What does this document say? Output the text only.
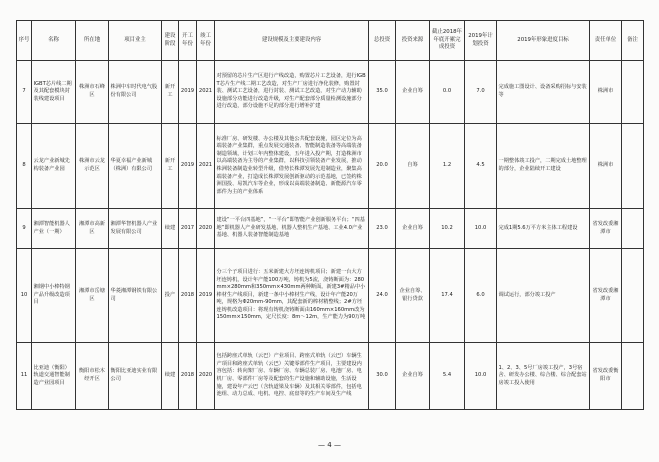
序号	名称	所在地	项目业主	建设阶段	开工年份	竣工年份	建设规模及主要建设内容	总投资	投资来源	截止2018年年底开累完成投资	2019年计划投资	2019年形象进度目标	责任单位	备注
7	IGBT芯片线二期及其配套模块封装线建设项目	株洲市石峰区	株洲中车时代电气股份有限公司	新开工	2019	2021	对预留的芯片生产区进行产线改造，购置芯片工艺设备，进行IGBT芯片生产线二期工艺改造，对生产厂房进行净化装修，购置封装、测试工艺设备，进行封装、测试工艺改造，对生产动力辅助设施部分功能进行改造升级，对生产配套部分质量检测设施部分进行改造，部分设施不足的部分进行增补扩建	35.0	企业自筹	0.0	7.0	完成施工图设计、设备采购招标与安装等	株洲市	
8	云龙产业新城先构装备产业园	株洲市云龙示范区	华夏幸福产业新城（株洲）有限公司	新开工	2019	2021	标准厂房、研发楼、办公楼及其他公共配套设施，园区定位为高端装备产业集群，重点发展交通装备、智能制造装备等高端装备制造领域，计划三年内整体建设，五年进入投产期，打造株洲市以高端装备为主导的产业集群，以科技引领装备产业发展，推动株洲装备制造业转型升级，借势长株潭发展先进制造业，聚集高端装备产业，打造成长株潭发展创新驱动的示范基地，已签约株洲国投、易凯汽车等企业，形成以高端装备制造、新能源汽车零部件为主的产业体系	20.0	自筹	1.2	4.5	一期整体竣工投产，二期完成土地整理的部分，企业陆续开工建设	株洲市	
9	湘潭智能机器人产业（一期）	湘潭市高新区	湘潭华智机器人产业发展有限公司	续建	2017	2020	建设“一平台四基地”，“一平台”即智能产业创新服务平台；“四基地”即机器人产业研发基地、机器人整机生产基地、工业4.0产业基地、机器人装备智能制造基地	23.0	企业自筹	10.2	10.0	完成1期5.6万平方米主体工程建设	省发改委湘潭市	
10	湘钢中小棒特钢产品升级改造项目	湘潭市岳塘区	华菱湘潭钢铁有限公司	投产	2018	2019	分三个子项目进行：五米新建大方坯连铸机项目；新建一台大方坯连铸机，设计年产能100万吨，铸机为5流，浇铸断面为：280mm×280mm和350mm×430mm两种断面。新建3#精品中小棒材生产线项目，新建一条中小棒材生产线，设计年产能20万吨，规格为Φ20mm-90mm，其配套新的棒材精整线；2#方坯连铸机改造项目：将现有铸机浇铸断面由160mm×160mm改为150mm×150mm，定尺长度：8m～12m，生产能力为90万吨	24.0	企业自筹、银行贷款	17.4	6.0	调试运行，部分竣工投产	省发改委湘潭市	
11	比亚迪（衡阳）轨道交通智能制造产业园项目	衡阳市松木经开区	衡阳比亚迪实业有限公司	续建	2018	2020	包括跨座式单轨（云巴）产业项目、跨座式单轨（云巴）车辆生产项目和跨座式单轨（云巴）关键零部件生产项目，主要建设内容包括：转向架厂房、车辆厂房、车辆总装厂房、电池厂房、电机厂房、零部件厂房等及配套的生产设施和辅助设施，生活设施，建设年产云巴（含轨道梁及车辆）及其相关零部件，包括电池组、动力总成、电机、电控、底盘等的生产车间及生产线	30.0	企业自筹	5.4	10.0	1、2、3、5号厂房竣工投产，3号宿舍、研发办公楼、综合楼、综合配套站房竣工投入使用	省发改委衡阳市	
— 4 —
